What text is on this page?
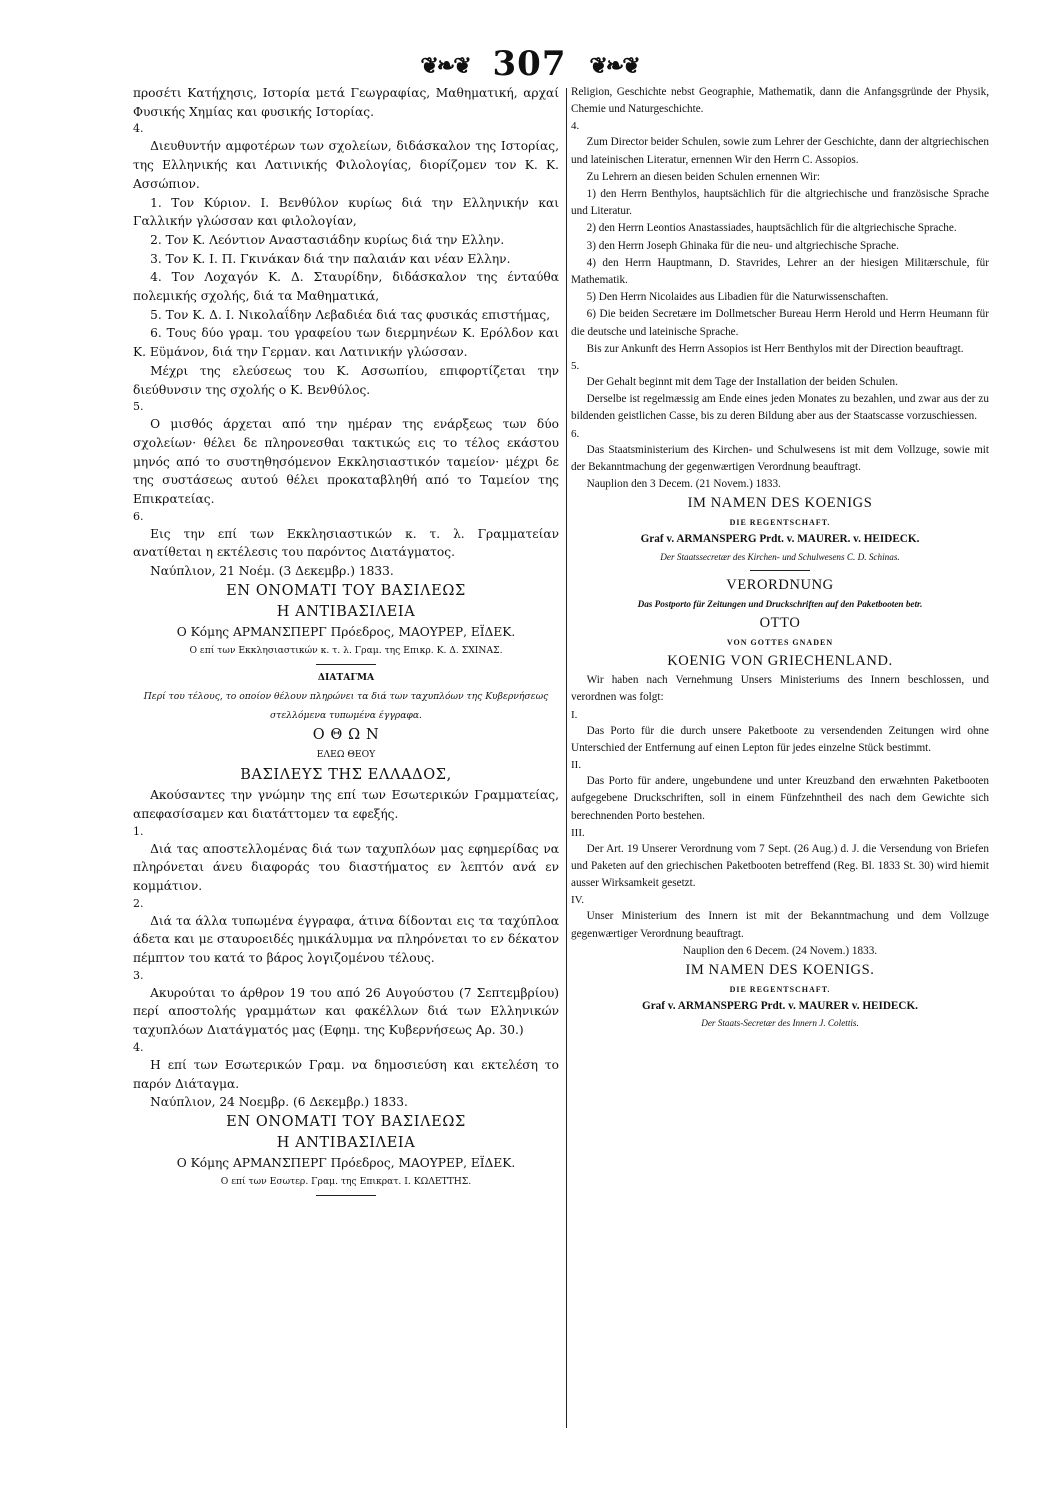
❦❧❦ 307 ❦❧❦

προσέτι Κατήχησις, Ιστορία μετά Γεωγραφίας, Μαθηματική, αρχαί Φυσικής Χημίας και φυσικής Ιστορίας.

4.

Διευθυντήν αμφοτέρων των σχολείων, διδάσκαλον της Ιστορίας, της Ελληνικής και Λατινικής Φιλολογίας, διορίζομεν τον Κ. Κ. Ασσώπιον.

1. Τον Κύριον. Ι. Βενθύλον κυρίως διά την Ελληνικήν και Γαλλικήν γλώσσαν και φιλολογίαν,

2. Τον Κ. Λεόντιον Αναστασιάδην κυρίως διά την Ελλην.

3. Τον Κ. Ι. Π. Γκινάκαν διά την παλαιάν και νέαν Ελλην.

4. Τον Λοχαγόν Κ. Δ. Σταυρίδην, διδάσκαλον της ένταύθα πολεμικής σχολής, διά τα Μαθηματικά,

5. Τον Κ. Δ. Ι. Νικολαΐδην Λεβαδιέα διά τας φυσικάς επιστήμας,

6. Τους δύο γραμ. του γραφείου των διερμηνέων Κ. Ερόλδον και Κ. Εϋμάνον, διά την Γερμαν. και Λατινικήν γλώσσαν.

Μέχρι της ελεύσεως του Κ. Ασσωπίου, επιφορτίζεται την διεύθυνσιν της σχολής ο Κ. Βενθύλος.

5.

Ο μισθός άρχεται από την ημέραν της ενάρξεως των δύο σχολείων· θέλει δε πληρονεσθαι τακτικώς εις το τέλος εκάστου μηνός από το συστηθησόμενον Εκκλησιαστικόν ταμείον· μέχρι δε της συστάσεως αυτού θέλει προκαταβληθή από το Ταμείον της Επικρατείας.

6.

Εις την επί των Εκκλησιαστικών κ. τ. λ. Γραμματείαν ανατίθεται η εκτέλεσις του παρόντος Διατάγματος.

Ναύπλιον, 21 Νοέμ. (3 Δεκεμβρ.) 1833.

ΕΝ ΟΝΟΜΑΤΙ ΤΟΥ ΒΑΣΙΛΕΩΣ

Η ΑΝΤΙΒΑΣΙΛΕΙΑ

Ο Κόμης ΑΡΜΑΝΣΠΕΡΓ Πρόεδρος, ΜΑΟΥΡΕΡ, ΕΪΔΕΚ.

Ο επί των Εκκλησιαστικών κ. τ. λ. Γραμ. της Επικρ. Κ. Δ. ΣΧΙΝΑΣ.

ΔΙΑΤΑΓΜΑ

Περί του τέλους, το οποίον θέλουν πληρώνει τα διά των ταχυπλόων της Κυβερνήσεως στελλόμενα τυπωμένα έγγραφα.

Ο Θ Ω Ν

ΕΛΕΩ ΘΕΟΥ

ΒΑΣΙΛΕΥΣ ΤΗΣ ΕΛΛΑΔΟΣ,

Ακούσαντες την γνώμην της επί των Εσωτερικών Γραμματείας, απεφασίσαμεν και διατάττομεν τα εφεξής.

1.

Διά τας αποστελλομένας διά των ταχυπλόων μας εφημερίδας να πληρόνεται άνευ διαφοράς του διαστήματος εν λεπτόν ανά εν κομμάτιον.

2.

Διά τα άλλα τυπωμένα έγγραφα, άτινα δίδονται εις τα ταχύπλοα άδετα και με σταυροειδές ημικάλυμμα να πληρόνεται το εν δέκατον πέμπτον του κατά το βάρος λογιζομένου τέλους.

3.

Ακυρούται το άρθρον 19 του από 26 Αυγούστου (7 Σεπτεμβρίου) περί αποστολής γραμμάτων και φακέλλων διά των Ελληνικών ταχυπλόων Διατάγματός μας (Εφημ. της Κυβερνήσεως Αρ. 30.)

4.

Η επί των Εσωτερικών Γραμ. να δημοσιεύση και εκτελέση το παρόν Διάταγμα.

Ναύπλιον, 24 Νοεμβρ. (6 Δεκεμβρ.) 1833.

ΕΝ ΟΝΟΜΑΤΙ ΤΟΥ ΒΑΣΙΛΕΩΣ

Η ΑΝΤΙΒΑΣΙΛΕΙΑ

Ο Κόμης ΑΡΜΑΝΣΠΕΡΓ Πρόεδρος, ΜΑΟΥΡΕΡ, ΕΪΔΕΚ.

Ο επί των Εσωτερ. Γραμ. της Επικρατ. Ι. ΚΩΛΕΤΤΗΣ.

Religion, Geschichte nebst Geographie, Mathematik, dann die Anfangsgründe der Physik, Chemie und Naturgeschichte.

4.

Zum Director beider Schulen, sowie zum Lehrer der Geschichte, dann der altgriechischen und lateinischen Literatur, ernennen Wir den Herrn C. Assopios.

Zu Lehrern an diesen beiden Schulen ernennen Wir:

1) den Herrn Benthylos, hauptsächlich für die altgriechische und französische Sprache und Literatur.

2) den Herrn Leontios Anastassiades, hauptsächlich für die altgriechische Sprache.

3) den Herrn Joseph Ghinaka für die neu- und altgriechische Sprache.

4) den Herrn Hauptmann, D. Stavrides, Lehrer an der hiesigen Militærschule, für Mathematik.

5) Den Herrn Nicolaides aus Libadien für die Naturwissenschaften.

6) Die beiden Secretære im Dollmetscher Bureau Herrn Herold und Herrn Heumann für die deutsche und lateinische Sprache.

Bis zur Ankunft des Herrn Assopios ist Herr Benthylos mit der Direction beauftragt.

5.

Der Gehalt beginnt mit dem Tage der Installation der beiden Schulen.

Derselbe ist regelmæssig am Ende eines jeden Monates zu bezahlen, und zwar aus der zu bildenden geistlichen Casse, bis zu deren Bildung aber aus der Staatscasse vorzuschiessen.

6.

Das Staatsministerium des Kirchen- und Schulwesens ist mit dem Vollzuge, sowie mit der Bekanntmachung der gegenwærtigen Verordnung beauftragt.

Nauplion den 3 Decem. (21 Novem.) 1833.

IM NAMEN DES KOENIGS

DIE REGENTSCHAFT.

Graf v. ARMANSPERG Prdt. v. MAURER. v. HEIDECK.

Der Staatssecretær des Kirchen- und Schulwesens C. D. Schinas.

VERORDNUNG

Das Postporto für Zeitungen und Druckschriften auf den Paketbooten betr.

OTTO

VON GOTTES GNADEN

KOENIG VON GRIECHENLAND.

Wir haben nach Vernehmung Unsers Ministeriums des Innern beschlossen, und verordnen was folgt:

I.

Das Porto für die durch unsere Paketboote zu versendenden Zeitungen wird ohne Unterschied der Entfernung auf einen Lepton für jedes einzelne Stück bestimmt.

II.

Das Porto für andere, ungebundene und unter Kreuzband den erwæhnten Paketbooten aufgegebene Druckschriften, soll in einem Fünfzehntheil des nach dem Gewichte sich berechnenden Porto bestehen.

III.

Der Art. 19 Unserer Verordnung vom 7 Sept. (26 Aug.) d. J. die Versendung von Briefen und Paketen auf den griechischen Paketbooten betreffend (Reg. Bl. 1833 St. 30) wird hiemit ausser Wirksamkeit gesetzt.

IV.

Unser Ministerium des Innern ist mit der Bekanntmachung und dem Vollzuge gegenwærtiger Verordnung beauftragt.

Nauplion den 6 Decem. (24 Novem.) 1833.

IM NAMEN DES KOENIGS.

DIE REGENTSCHAFT.

Graf v. ARMANSPERG Prdt. v. MAURER v. HEIDECK.

Der Staats-Secretær des Innern J. Colettis.
